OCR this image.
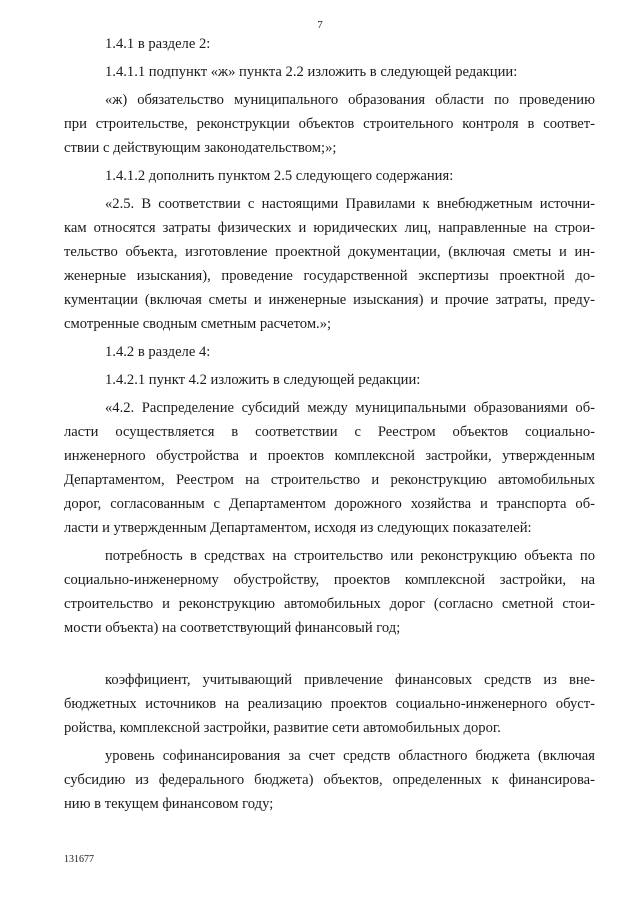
7
1.4.1 в разделе 2:
1.4.1.1 подпункт «ж» пункта 2.2 изложить в следующей редакции:
«ж) обязательство муниципального образования области по проведению
при строительстве, реконструкции объектов строительного контроля в соответ-
ствии с действующим законодательством;»;
1.4.1.2 дополнить пунктом 2.5 следующего содержания:
«2.5. В соответствии с настоящими Правилами к внебюджетным источни-
кам относятся затраты физических и юридических лиц, направленные на строи-
тельство объекта, изготовление проектной документации, (включая сметы и ин-
женерные изыскания), проведение государственной экспертизы проектной до-
кументации (включая сметы и инженерные изыскания) и прочие затраты, преду-
смотренные сводным сметным расчетом.»;
1.4.2 в разделе 4:
1.4.2.1 пункт 4.2 изложить в следующей редакции:
«4.2. Распределение субсидий между муниципальными образованиями об-
ласти осуществляется в соответствии с Реестром объектов социально-
инженерного обустройства и проектов комплексной застройки, утвержденным
Департаментом, Реестром на строительство и реконструкцию автомобильных
дорог, согласованным с Департаментом дорожного хозяйства и транспорта об-
ласти и утвержденным Департаментом, исходя из следующих показателей:
потребность в средствах на строительство или реконструкцию объекта по
социально-инженерному обустройству, проектов комплексной застройки, на
строительство и реконструкцию автомобильных дорог (согласно сметной стои-
мости объекта) на соответствующий финансовый год;
коэффициент, учитывающий привлечение финансовых средств из вне-
бюджетных источников на реализацию проектов социально-инженерного обуст-
ройства, комплексной застройки, развитие сети автомобильных дорог.
уровень софинансирования за счет средств областного бюджета (включая
субсидию из федерального бюджета) объектов, определенных к финансирова-
нию в текущем финансовом году;
131677
